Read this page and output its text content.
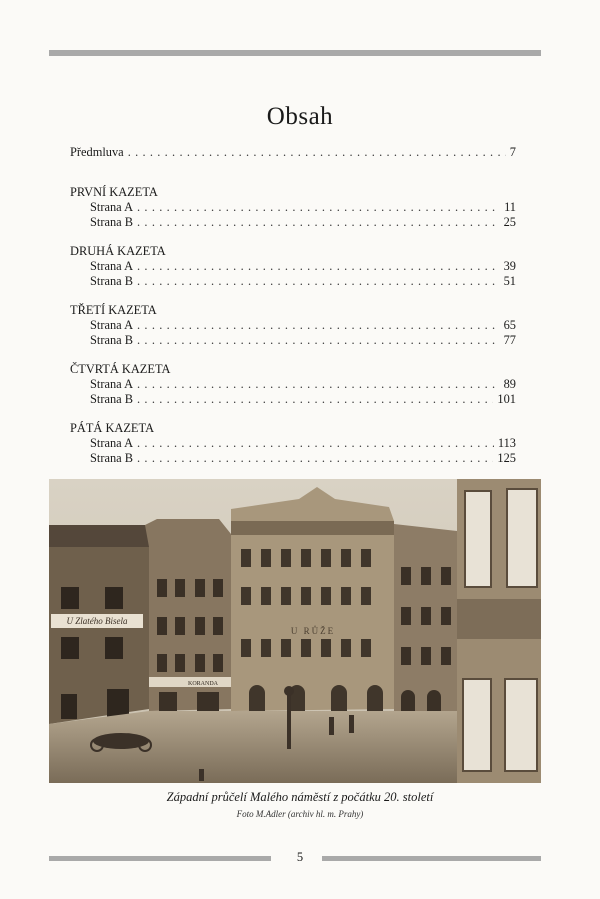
Obsah
Předmluva . . .	7
PRVNÍ KAZETA
Strana A . . .	11
Strana B . . .	25
DRUHÁ KAZETA
Strana A . . .	39
Strana B . . .	51
TŘETÍ KAZETA
Strana A . . .	65
Strana B . . .	77
ČTVRTÁ KAZETA
Strana A . . .	89
Strana B . . .	101
PÁTÁ KAZETA
Strana A . . .	113
Strana B . . .	125
. . .
U Zlatého Bisela
KORANDA
U RŮŽE
Západní průčelí Malého náměstí z počátku 20. století
Foto M.Adler (archiv hl. m. Prahy)
5
